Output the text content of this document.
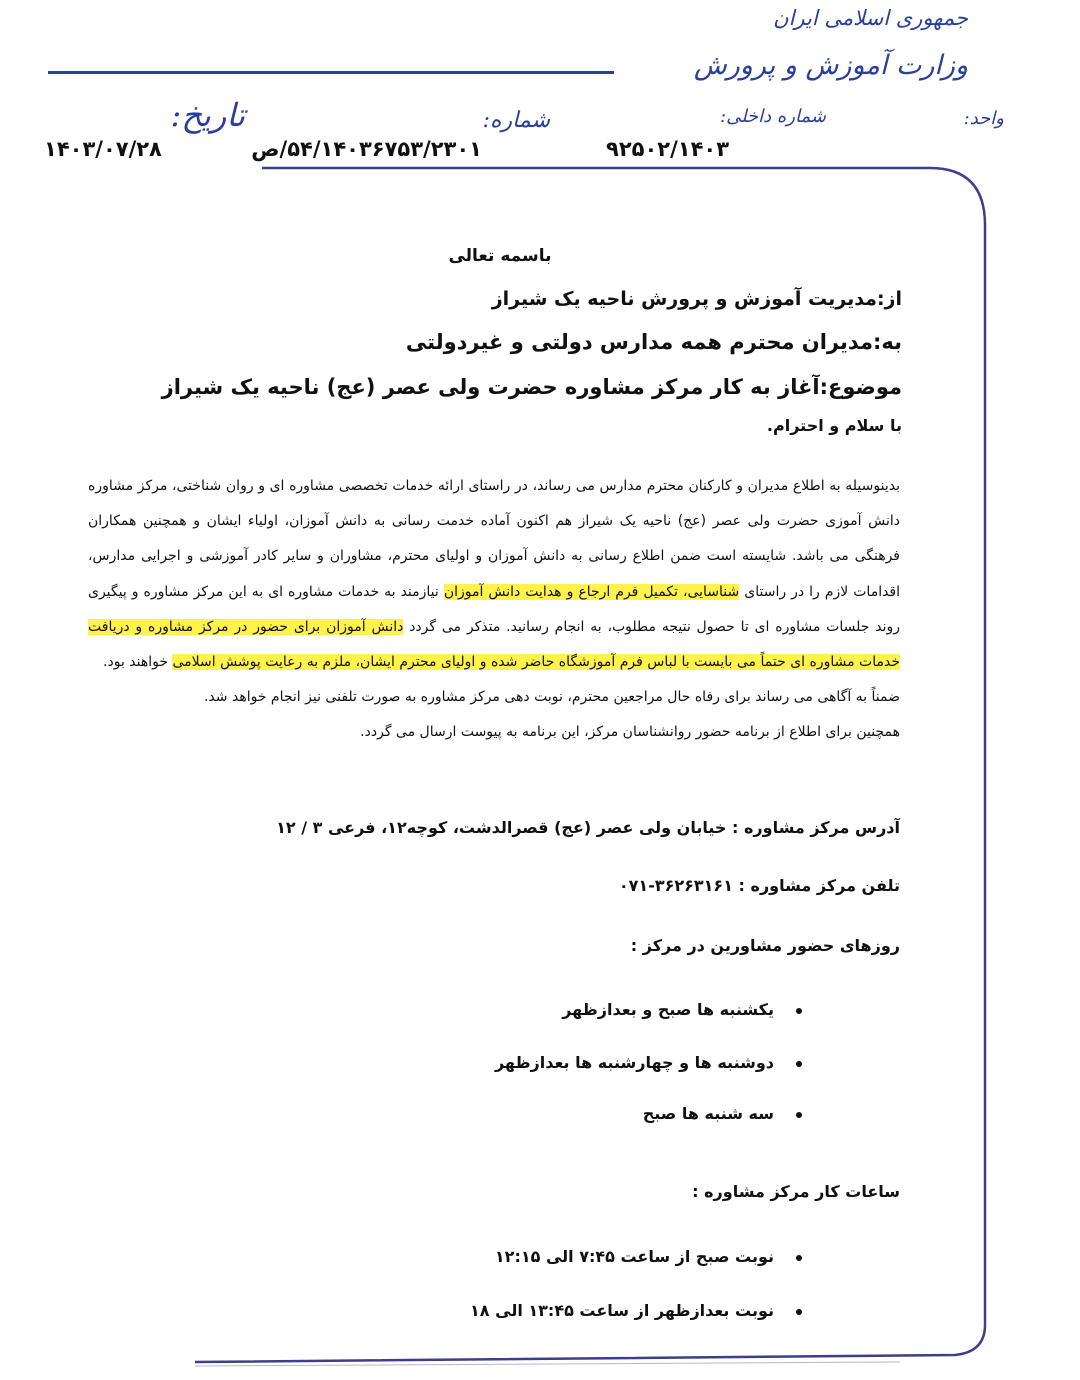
جمهوری اسلامی ایران
وزارت آموزش و پرورش
واحد:
شماره داخلی:
شماره:
تاریخ:
۹۲۵۰۲/۱۴۰۳
۵۴/۱۴۰۳۶۷۵۳/۲۳۰۱/ص
۱۴۰۳/۰۷/۲۸
باسمه تعالی
از:مدیریت آموزش و پرورش ناحیه یک شیراز
به:مدیران محترم همه مدارس دولتی و غیردولتی
موضوع:آغاز به کار مرکز مشاوره حضرت ولی عصر (عج) ناحیه یک شیراز
با سلام و احترام.
بدینوسیله به اطلاع مدیران و کارکنان محترم مدارس می رساند، در راستای ارائه خدمات تخصصی مشاوره ای و روان شناختی، مرکز مشاوره دانش آموزی حضرت ولی عصر (عج) ناحیه یک شیراز هم اکنون آماده خدمت رسانی به دانش آموزان، اولیاء ایشان و همچنین همکاران فرهنگی می باشد. شایسته است ضمن اطلاع رسانی به دانش آموزان و اولیای محترم، مشاوران و سایر کادر آموزشی و اجرایی مدارس، اقدامات لازم را در راستای شناسایی، تکمیل فرم ارجاع و هدایت دانش آموزان نیازمند به خدمات مشاوره ای به این مرکز مشاوره و پیگیری روند جلسات مشاوره ای تا حصول نتیجه مطلوب، به انجام رسانید. متذکر می گردد دانش آموزان برای حضور در مرکز مشاوره و دریافت خدمات مشاوره ای حتماً می بایست با لباس فرم آموزشگاه حاضر شده و اولیای محترم ایشان، ملزم به رعایت پوشش اسلامی خواهند بود.
ضمناً به آگاهی می رساند برای رفاه حال مراجعین محترم، نوبت دهی مرکز مشاوره به صورت تلفنی نیز انجام خواهد شد.
همچنین برای اطلاع از برنامه حضور روانشناسان مرکز، این برنامه به پیوست ارسال می گردد.
آدرس مرکز مشاوره : خیابان ولی عصر (عج) قصرالدشت، کوچه۱۲، فرعی ۳ / ۱۲
تلفن مرکز مشاوره : ۳۶۲۶۳۱۶۱-۰۷۱
روزهای حضور مشاورین در مرکز :
یکشنبه ها صبح و بعدازظهر
دوشنبه ها و چهارشنبه ها بعدازظهر
سه شنبه ها صبح
ساعات کار مرکز مشاوره :
نوبت صبح از ساعت ۷:۴۵ الی ۱۲:۱۵
نوبت بعدازظهر از ساعت ۱۳:۴۵ الی ۱۸
